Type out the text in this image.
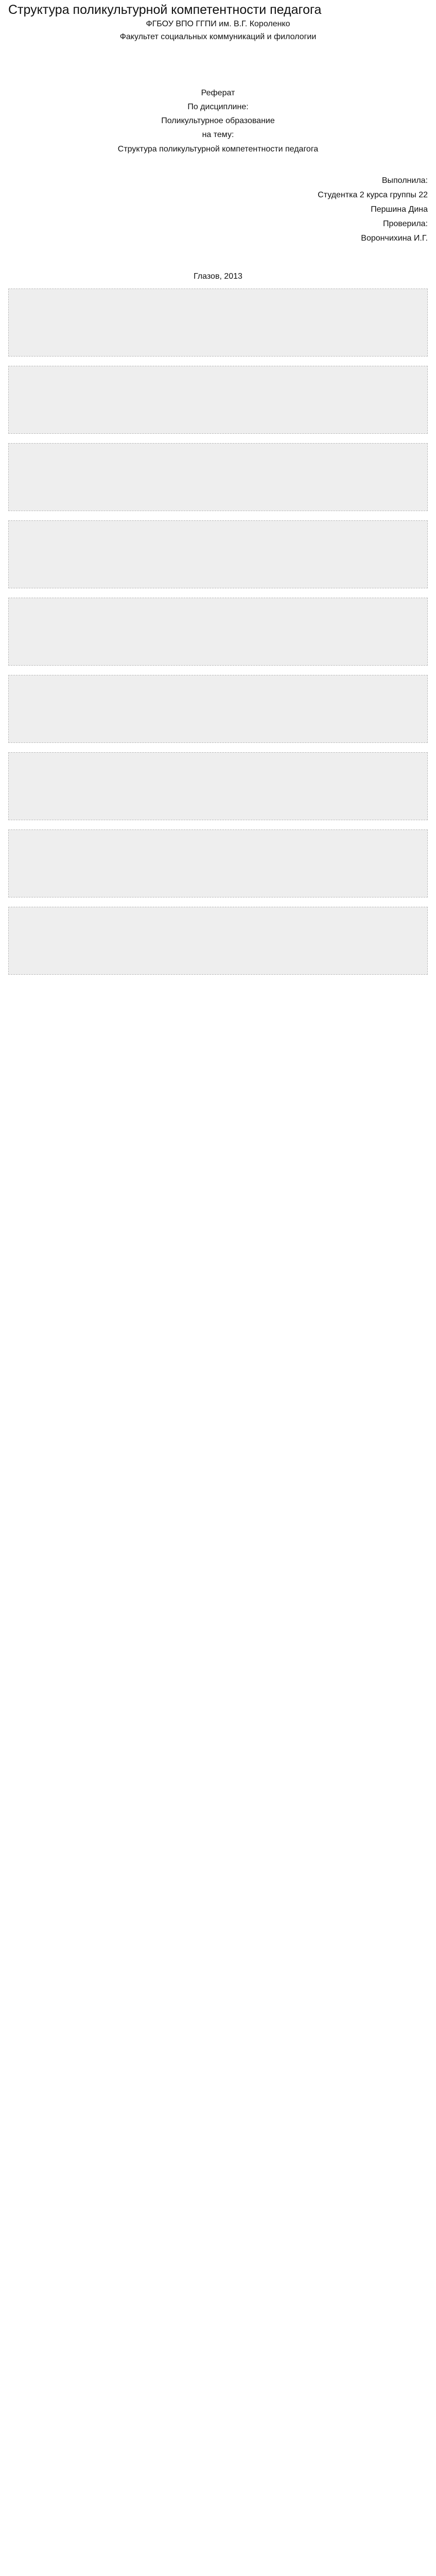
Структура поликультурной компетентности педагога
ФГБОУ ВПО ГГПИ им. В.Г. Короленко
Факультет социальных коммуникаций и филологии
Реферат
По дисциплине:
Поликультурное образование
на тему:
Структура поликультурной компетентности педагога
Выполнила:
Студентка 2 курса группы 22
Першина Дина
Проверила:
Ворончихина И.Г.
Глазов, 2013
